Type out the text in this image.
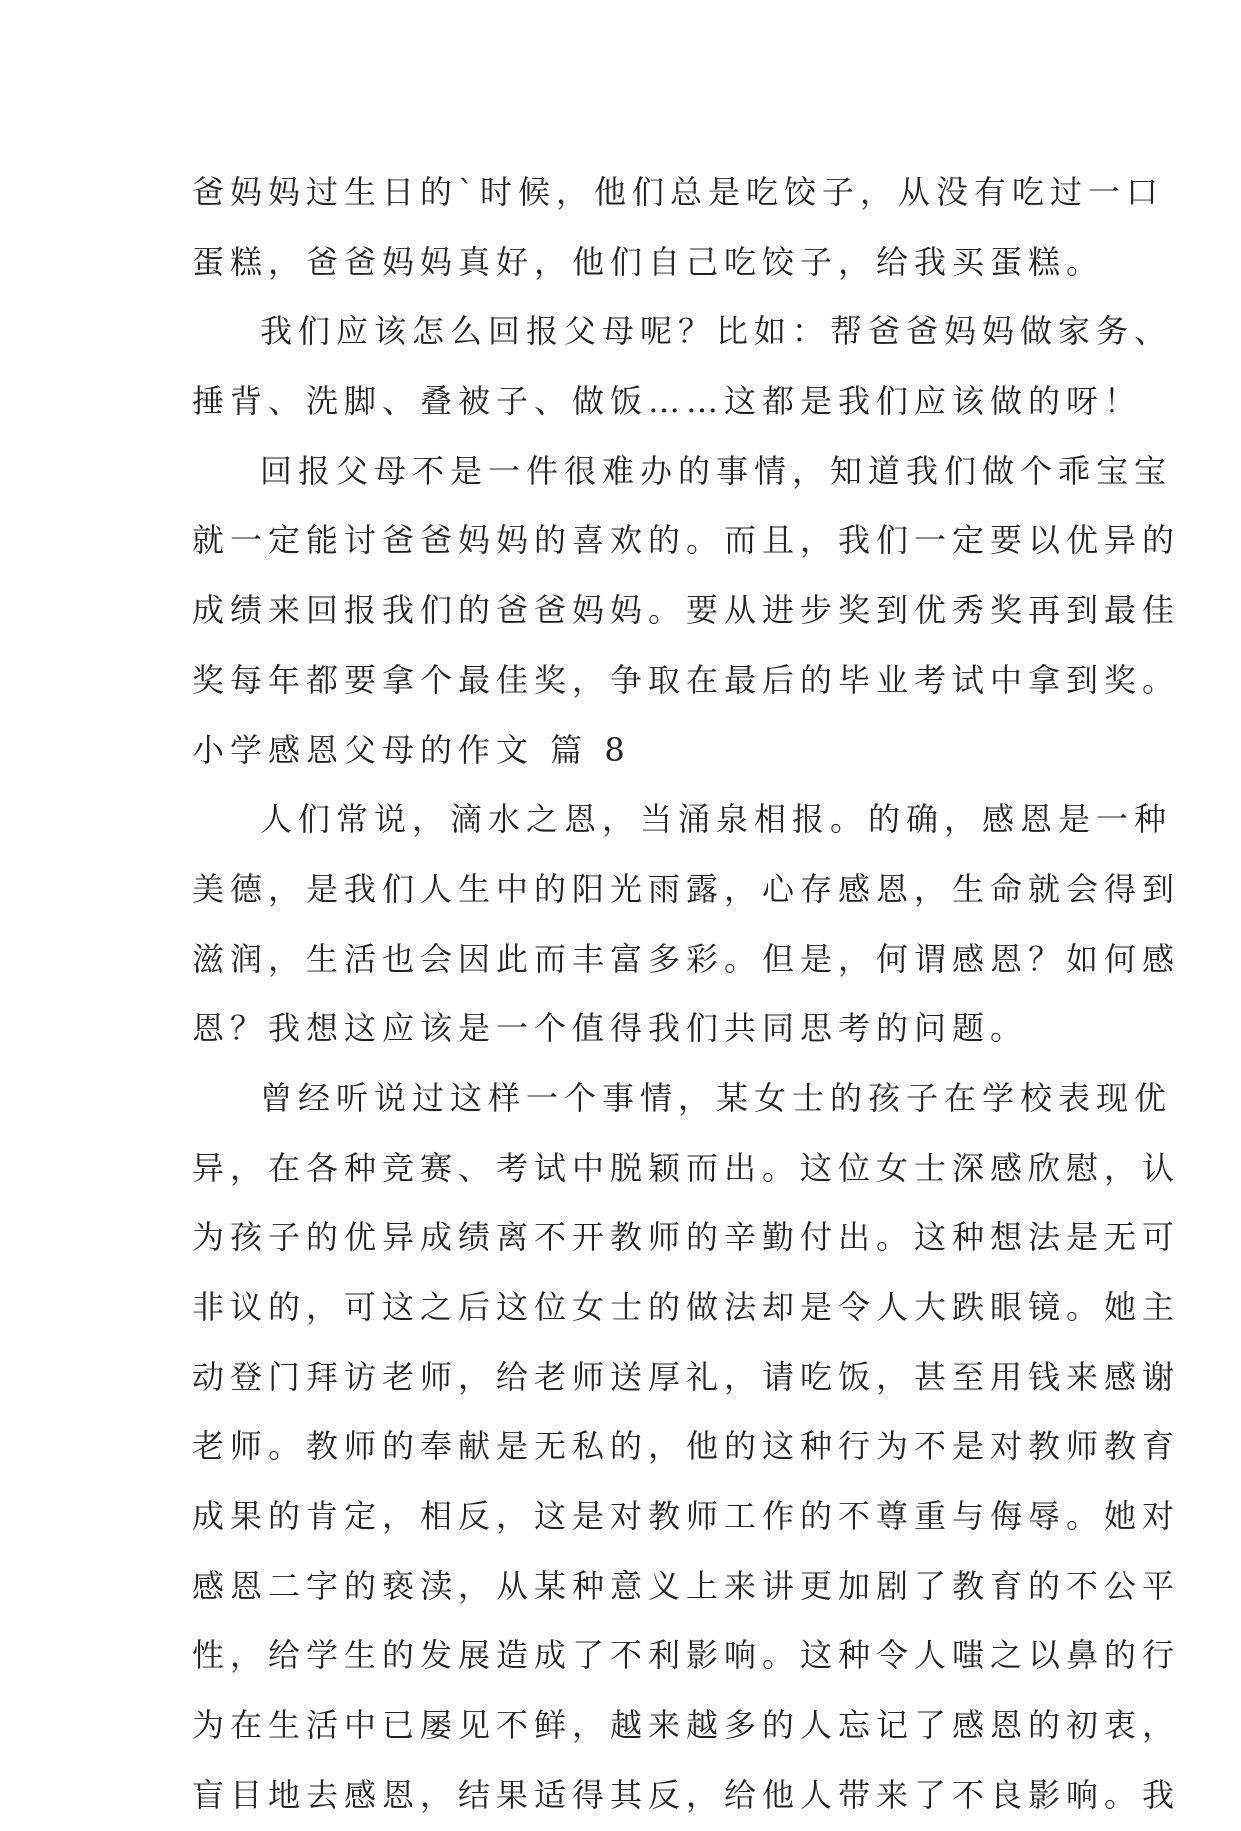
爸妈妈过生日的`时候，他们总是吃饺子，从没有吃过一口

蛋糕，爸爸妈妈真好，他们自己吃饺子，给我买蛋糕。

我们应该怎么回报父母呢？比如：帮爸爸妈妈做家务、

捶背、洗脚、叠被子、做饭……这都是我们应该做的呀！

回报父母不是一件很难办的事情，知道我们做个乖宝宝

就一定能讨爸爸妈妈的喜欢的。而且，我们一定要以优异的

成绩来回报我们的爸爸妈妈。要从进步奖到优秀奖再到最佳

奖每年都要拿个最佳奖，争取在最后的毕业考试中拿到奖。

小学感恩父母的作文 篇 8

人们常说，滴水之恩，当涌泉相报。的确，感恩是一种

美德，是我们人生中的阳光雨露，心存感恩，生命就会得到

滋润，生活也会因此而丰富多彩。但是，何谓感恩？如何感

恩？我想这应该是一个值得我们共同思考的问题。

曾经听说过这样一个事情，某女士的孩子在学校表现优

异，在各种竞赛、考试中脱颖而出。这位女士深感欣慰，认

为孩子的优异成绩离不开教师的辛勤付出。这种想法是无可

非议的，可这之后这位女士的做法却是令人大跌眼镜。她主

动登门拜访老师，给老师送厚礼，请吃饭，甚至用钱来感谢

老师。教师的奉献是无私的，他的这种行为不是对教师教育

成果的肯定，相反，这是对教师工作的不尊重与侮辱。她对

感恩二字的亵渎，从某种意义上来讲更加剧了教育的不公平

性，给学生的发展造成了不利影响。这种令人嗤之以鼻的行

为在生活中已屡见不鲜，越来越多的人忘记了感恩的初衷，

盲目地去感恩，结果适得其反，给他人带来了不良影响。我
